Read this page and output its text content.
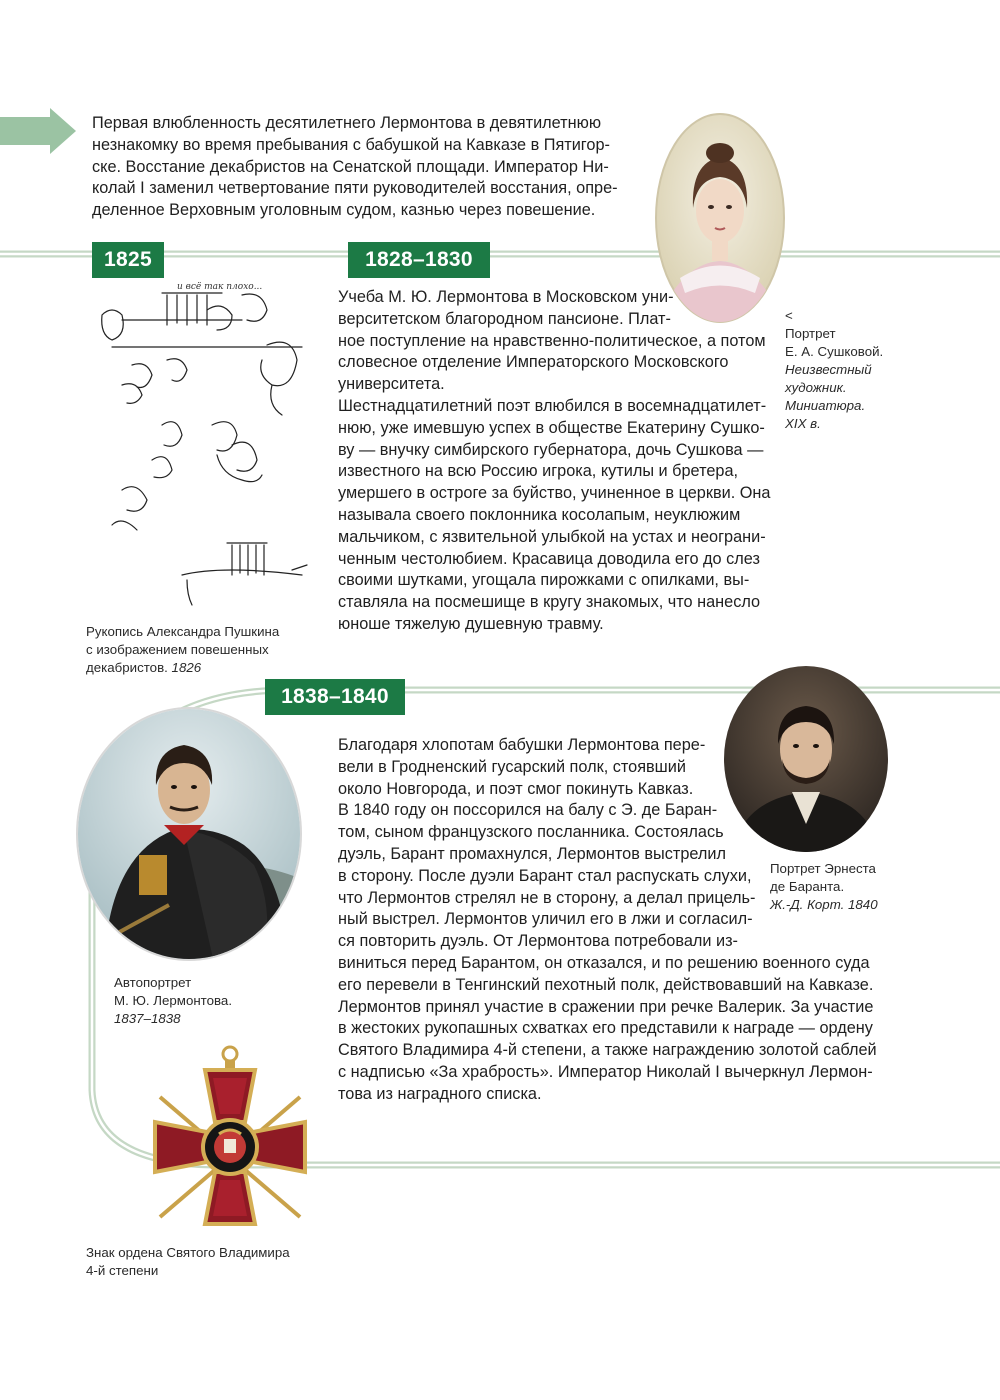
Первая влюбленность десятилетнего Лермонтова в девятилетнюю
незнакомку во время пребывания с бабушкой на Кавказе в Пятигор-
ске. Восстание декабристов на Сенатской площади. Император Ни-
колай I заменил четвертование пяти руководителей восстания, опре-
деленное Верховным уголовным судом, казнью через повешение.
1825	1828–1830
1838–1840
<
Портрет
Е. А. Сушковой.
Неизвестный
художник.
Миниатюра.
XIX в.
и всё так плохо...
Рукопись Александра Пушкина
с изображением повешенных
декабристов. 1826
Учеба М. Ю. Лермонтова в Московском уни-
верситетском благородном пансионе. Плат-
ное поступление на нравственно-политическое, а потом
словесное отделение Императорского Московского
университета.
Шестнадцатилетний поэт влюбился в восемнадцатилет-
нюю, уже имевшую успех в обществе Екатерину Сушко-
ву — внучку симбирского губернатора, дочь Сушкова —
известного на всю Россию игрока, кутилы и бретера,
умершего в остроге за буйство, учиненное в церкви. Она
называла своего поклонника косолапым, неуклюжим
мальчиком, с язвительной улыбкой на устах и неограни-
ченным честолюбием. Красавица доводила его до слез
своими шутками, угощала пирожками с опилками, вы-
ставляла на посмешище в кругу знакомых, что нанесло
юноше тяжелую душевную травму.
Портрет Эрнеста
де Баранта.
Ж.-Д. Корт. 1840
Автопортрет
М. Ю. Лермонтова.
1837–1838
Знак ордена Святого Владимира
4-й степени
Благодаря хлопотам бабушки Лермонтова пере-
вели в Гродненский гусарский полк, стоявший
около Новгорода, и поэт смог покинуть Кавказ.
В 1840 году он поссорился на балу с Э. де Баран-
том, сыном французского посланника. Состоялась
дуэль, Барант промахнулся, Лермонтов выстрелил
в сторону. После дуэли Барант стал распускать слухи,
что Лермонтов стрелял не в сторону, а делал прицель-
ный выстрел. Лермонтов уличил его в лжи и согласил-
ся повторить дуэль. От Лермонтова потребовали из-
виниться перед Барантом, он отказался, и по решению военного суда
его перевели в Тенгинский пехотный полк, действовавший на Кавказе.
Лермонтов принял участие в сражении при речке Валерик. За участие
в жестоких рукопашных схватках его представили к награде — ордену
Святого Владимира 4-й степени, а также награждению золотой саблей
с надписью «За храбрость». Император Николай I вычеркнул Лермон-
това из наградного списка.
